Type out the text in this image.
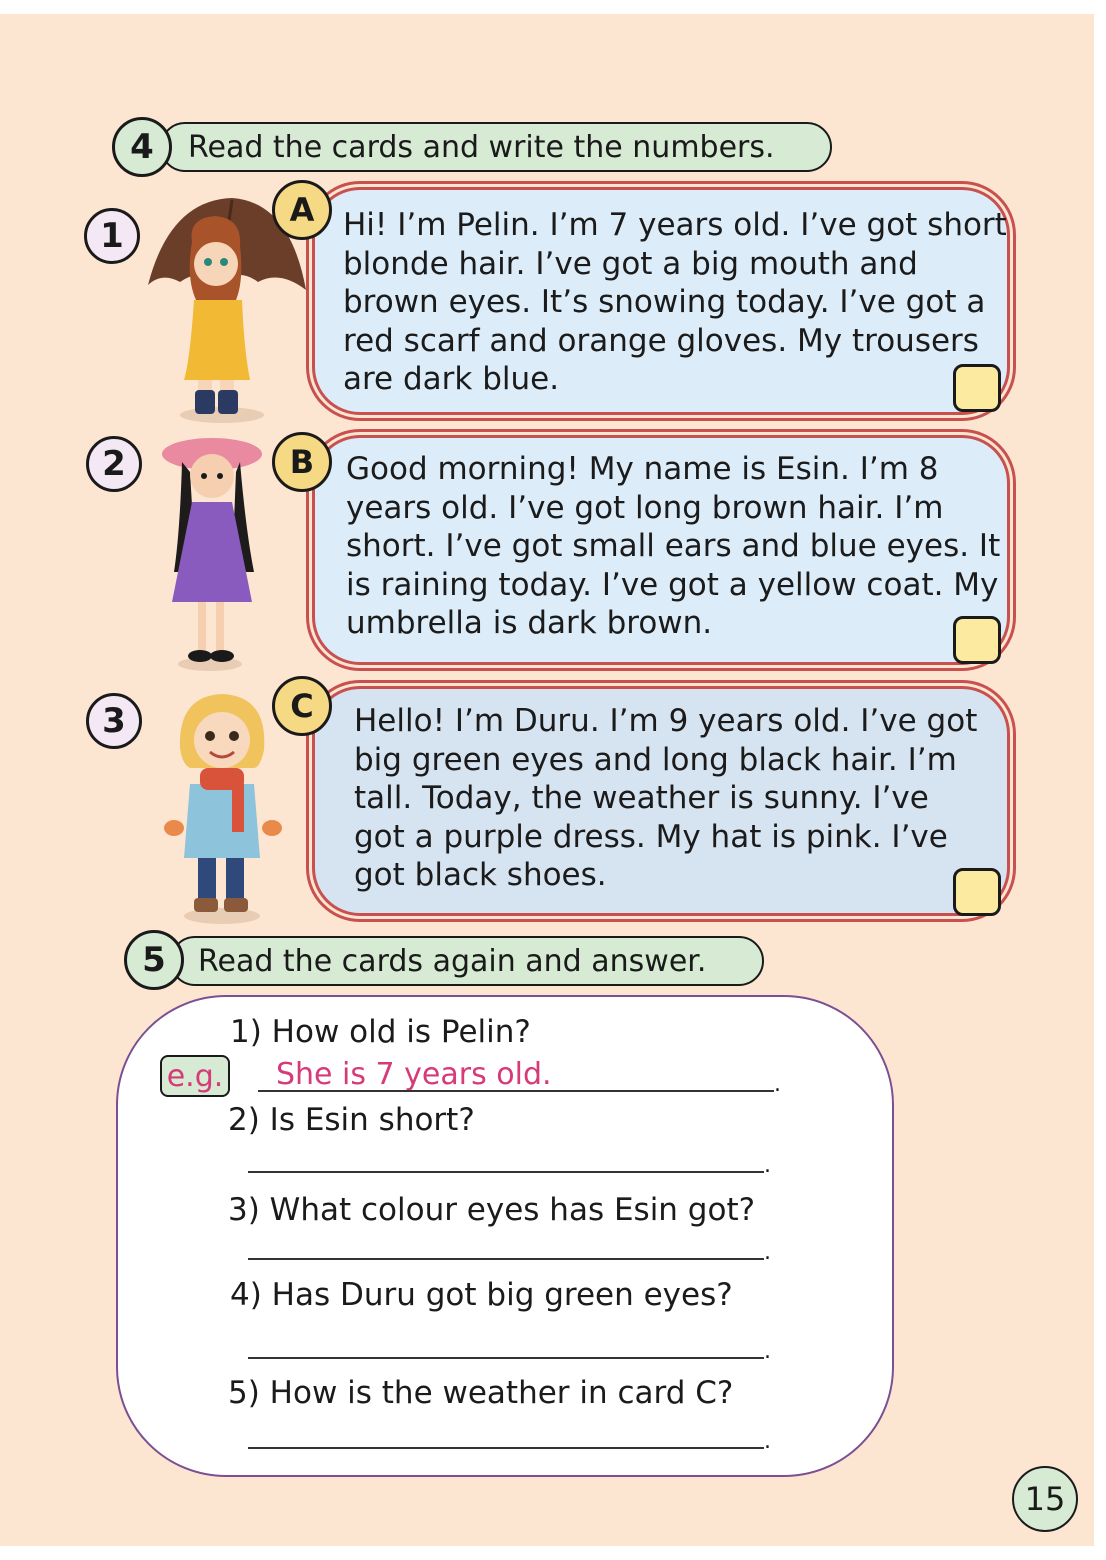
Read the cards and write the numbers.
4
1
2
3
Hi! I’m Pelin. I’m 7 years old. I’ve got short
blonde hair. I’ve got a big mouth and
brown eyes. It’s snowing today. I’ve got a
red scarf and orange gloves. My trousers
are dark blue.
A
Good morning! My name is Esin. I’m 8
years old. I’ve got long brown hair. I’m
short. I’ve got small ears and blue eyes. It
is raining today. I’ve got a yellow coat. My
umbrella is dark brown.
B
Hello! I’m Duru. I’m 9 years old. I’ve got
big green eyes and long black hair. I’m
tall. Today, the weather is sunny. I’ve
got a purple dress. My hat is pink. I’ve
got black shoes.
C
Read the cards again and answer.
5
1) How old is Pelin?
e.g. She is 7 years old.	.
2) Is Esin short?
.
3) What colour eyes has Esin got?
.
4) Has Duru got big green eyes?
.
5) How is the weather in card C?
.
15
